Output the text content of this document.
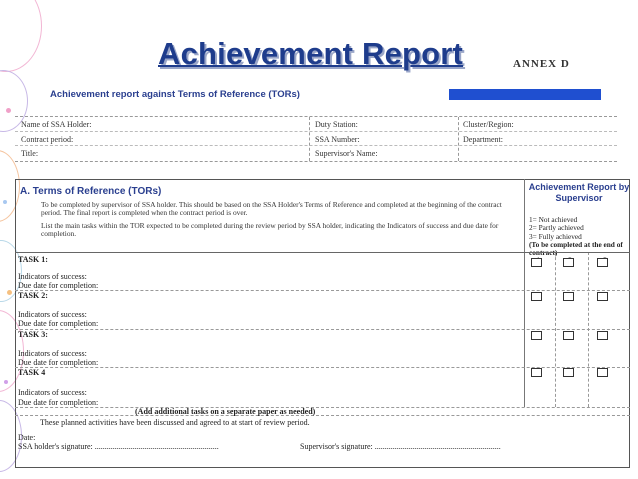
Achievement Report	ANNEX D
Achievement report against Terms of Reference (TORs)
Name of SSA Holder:	Duty Station:	Cluster/Region:
Contract period:	SSA Number:	Department:
Title:	Supervisor's Name:
A. Terms of Reference (TORs)
To be completed by supervisor of SSA holder. This should be based on the SSA Holder's Terms of Reference and completed at the beginning of the contract period. The final report is completed when the contract period is over.
List the main tasks within the TOR expected to be completed during the review period by SSA holder, indicating the Indicators of success and due date for completion.
Achievement Report by Supervisor
1= Not achieved
2= Partly achieved
3= Fully achieved
(To be completed at the end of contract)
TASK 1:
Indicators of success:
Due date for completion:
TASK 2:
Indicators of success:
Due date for completion:
TASK 3:
Indicators of success:
Due date for completion:
TASK 4
Indicators of success:
Due date for completion:
(Add additional tasks on a separate paper as needed)
These planned activities have been discussed and agreed to at start of review period.
Date:
SSA holder's signature: ..............................................................	Supervisor's signature: ...............................................................
